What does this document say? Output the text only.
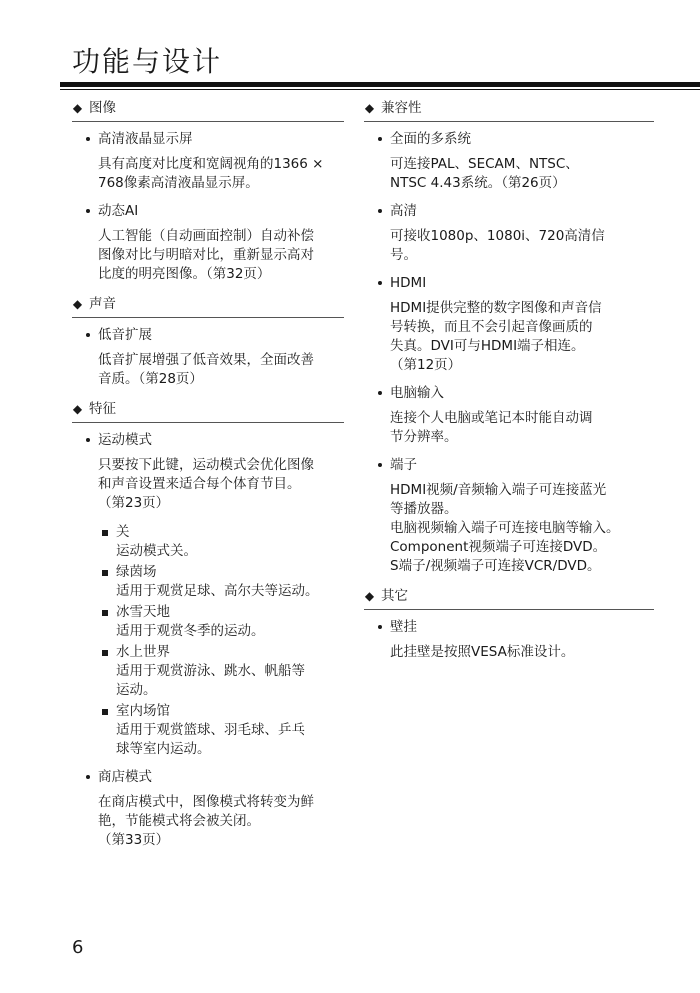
功能与设计
◆ 图像
高清液晶显示屏

具有高度对比度和宽阔视角的1366 ×

768像素高清液晶显示屏。

动态AI

人工智能（自动画面控制）自动补偿

图像对比与明暗对比，重新显示高对

比度的明亮图像。（第32页）

◆ 声音
低音扩展

低音扩展增强了低音效果，全面改善

音质。（第28页）

◆ 特征
运动模式

只要按下此键，运动模式会优化图像

和声音设置来适合每个体育节目。

（第23页）

关
运动模式关。
绿茵场
适用于观赏足球、高尔夫等运动。
冰雪天地
适用于观赏冬季的运动。
水上世界
适用于观赏游泳、跳水、帆船等
运动。
室内场馆
适用于观赏篮球、羽毛球、乒乓
球等室内运动。
商店模式

在商店模式中，图像模式将转变为鲜

艳，节能模式将会被关闭。

（第33页）

◆ 兼容性
全面的多系统

可连接PAL、SECAM、NTSC、

NTSC 4.43系统。（第26页）

高清

可接收1080p、1080i、720高清信

号。

HDMI

HDMI提供完整的数字图像和声音信

号转换，而且不会引起音像画质的

失真。DVI可与HDMI端子相连。

（第12页）

电脑输入

连接个人电脑或笔记本时能自动调

节分辨率。

端子

HDMI视频/音频输入端子可连接蓝光

等播放器。

电脑视频输入端子可连接电脑等输入。

Component视频端子可连接DVD。

S端子/视频端子可连接VCR/DVD。

◆ 其它
壁挂

此挂壁是按照VESA标准设计。

6
